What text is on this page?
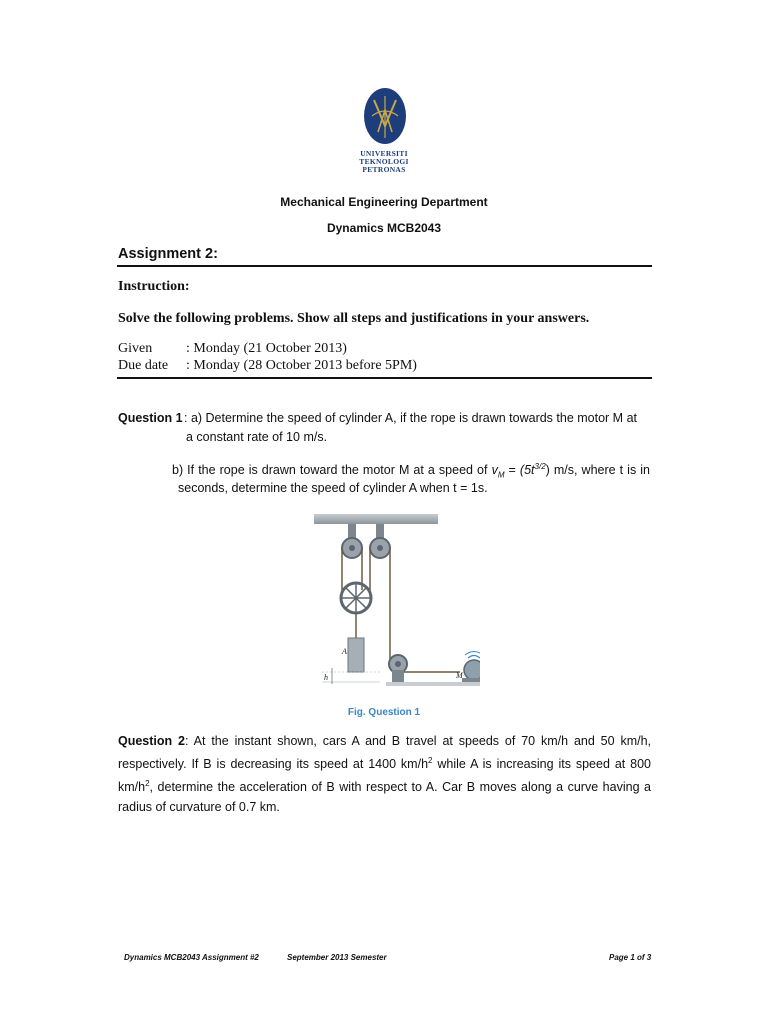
UNIVERSITI
TEKNOLOGI
PETRONAS
Mechanical Engineering Department
Dynamics MCB2043
Assignment 2:
Instruction:
Solve the following problems. Show all steps and justifications in your answers.
Given : Monday (21 October 2013)
Due date : Monday (28 October 2013 before 5PM)
Question 1 : a) Determine the speed of cylinder A, if the rope is drawn towards the motor M at
a constant rate of 10 m/s.
b) If the rope is drawn toward the motor M at a speed of $v_M = (5t^{3/2})$ m/s, where t is in
seconds, determine the speed of cylinder A when t = 1s.
A
h	M
Fig. Question 1
Question 2: At the instant shown, cars A and B travel at speeds of 70 km/h and 50 km/h, respectively. If B is decreasing its speed at 1400 $km/h^2$ while A is increasing its speed at 800 $km/h^2$, determine the acceleration of B with respect to A. Car B moves along a curve having a radius of curvature of 0.7 km.
Dynamics MCB2043 Assignment #2	September 2013 Semester	Page 1 of 3
